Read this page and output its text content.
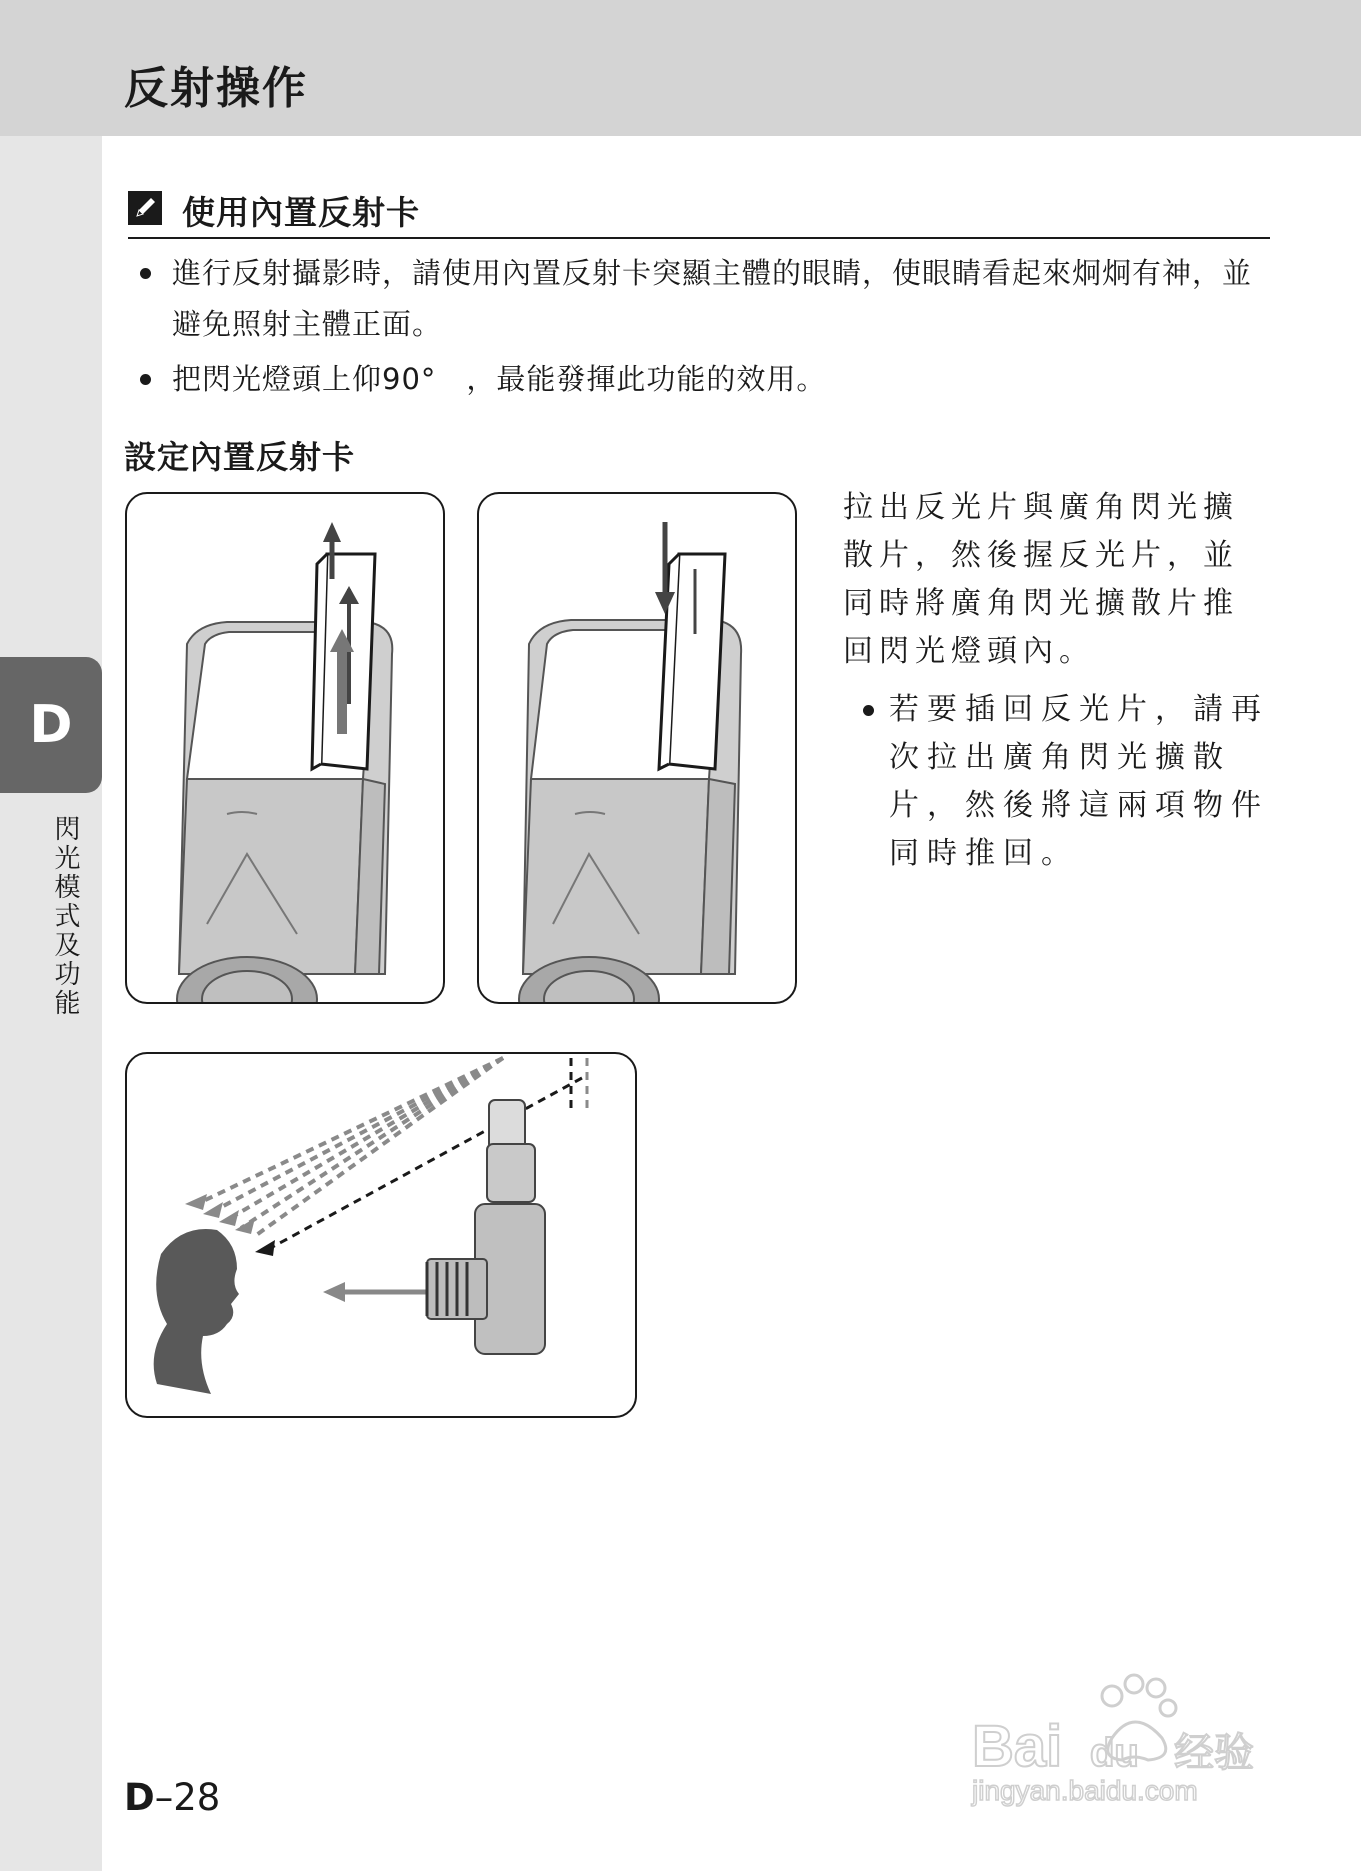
反射操作
D
閃光模式及功能
使用內置反射卡
進行反射攝影時，請使用內置反射卡突顯主體的眼睛，使眼睛看起來炯炯有神，並避免照射主體正面。
把閃光燈頭上仰90°　，最能發揮此功能的效用。
設定內置反射卡

拉出反光片與廣角閃光擴散片，然後握反光片，並同時將廣角閃光擴散片推回閃光燈頭內。

若要插回反光片，請再次拉出廣角閃光擴散片，然後將這兩項物件同時推回。
D–28
Bai du 经验
jingyan.baidu.com
